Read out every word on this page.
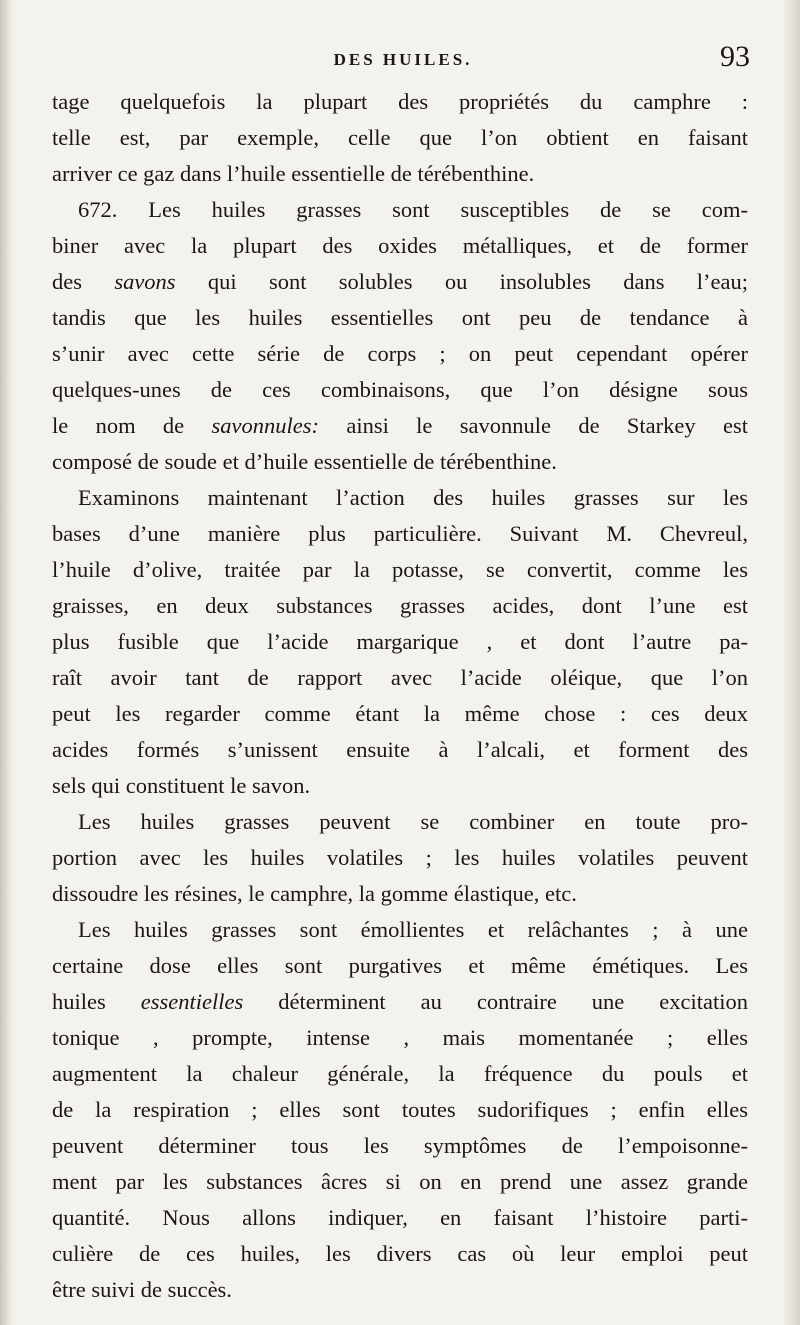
DES HUILES.	93
tage quelquefois la plupart des propriétés du camphre :
telle est, par exemple, celle que l’on obtient en faisant
arriver ce gaz dans l’huile essentielle de térébenthine.
672. Les huiles grasses sont susceptibles de se com-
biner avec la plupart des oxides métalliques, et de former
des savons qui sont solubles ou insolubles dans l’eau;
tandis que les huiles essentielles ont peu de tendance à
s’unir avec cette série de corps ; on peut cependant opérer
quelques-unes de ces combinaisons, que l’on désigne sous
le nom de savonnules: ainsi le savonnule de Starkey est
composé de soude et d’huile essentielle de térébenthine.
Examinons maintenant l’action des huiles grasses sur les
bases d’une manière plus particulière. Suivant M. Chevreul,
l’huile d’olive, traitée par la potasse, se convertit, comme les
graisses, en deux substances grasses acides, dont l’une est
plus fusible que l’acide margarique , et dont l’autre pa-
raît avoir tant de rapport avec l’acide oléique, que l’on
peut les regarder comme étant la même chose : ces deux
acides formés s’unissent ensuite à l’alcali, et forment des
sels qui constituent le savon.
Les huiles grasses peuvent se combiner en toute pro-
portion avec les huiles volatiles ; les huiles volatiles peuvent
dissoudre les résines, le camphre, la gomme élastique, etc.
Les huiles grasses sont émollientes et relâchantes ; à une
certaine dose elles sont purgatives et même émétiques. Les
huiles essentielles déterminent au contraire une excitation
tonique , prompte, intense , mais momentanée ; elles
augmentent la chaleur générale, la fréquence du pouls et
de la respiration ; elles sont toutes sudorifiques ; enfin elles
peuvent déterminer tous les symptômes de l’empoisonne-
ment par les substances âcres si on en prend une assez grande
quantité. Nous allons indiquer, en faisant l’histoire parti-
culière de ces huiles, les divers cas où leur emploi peut
être suivi de succès.
